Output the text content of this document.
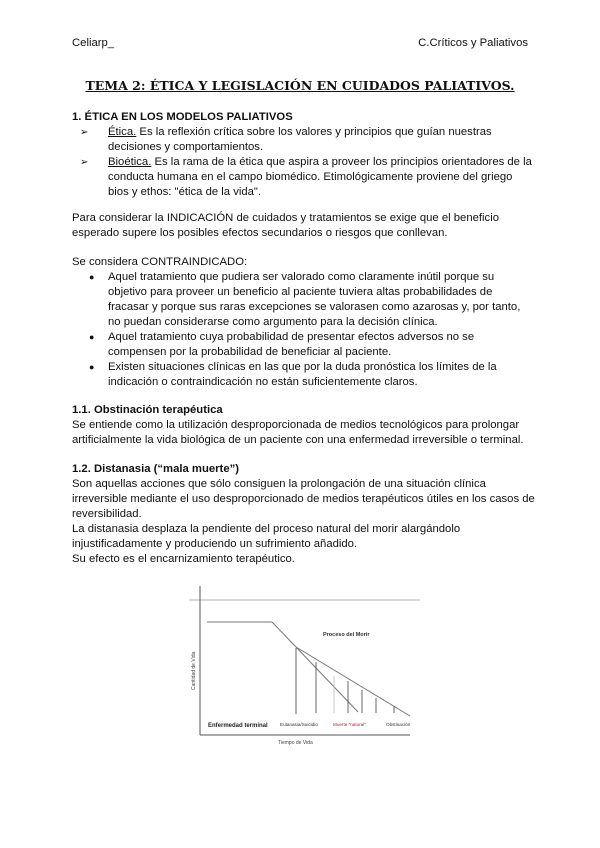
Celiarp_	C.Críticos y Paliativos
TEMA 2: ÉTICA Y LEGISLACIÓN EN CUIDADOS PALIATIVOS.
1. ÉTICA EN LOS MODELOS PALIATIVOS
Cantidad de Vida
Tiempo de Vida
Proceso del Morir
Enfermedad terminal	Eutanasia/Suicidio	Muerte "natural"	Obstinación
➢ Ética. Es la reflexión crítica sobre los valores y principios que guían nuestras
decisiones y comportamientos.
➢ Bioética. Es la rama de la ética que aspira a proveer los principios orientadores de la
conducta humana en el campo biomédico. Etimológicamente proviene del griego
bios y ethos: "ética de la vida".
Para considerar la INDICACIÓN de cuidados y tratamientos se exige que el beneficio
esperado supere los posibles efectos secundarios o riesgos que conllevan.
Se considera CONTRAINDICADO:
● Aquel tratamiento que pudiera ser valorado como claramente inútil porque su
objetivo para proveer un beneficio al paciente tuviera altas probabilidades de
fracasar y porque sus raras excepciones se valorasen como azarosas y, por tanto,
no puedan considerarse como argumento para la decisión clínica.
● Aquel tratamiento cuya probabilidad de presentar efectos adversos no se
compensen por la probabilidad de beneficiar al paciente.
● Existen situaciones clínicas en las que por la duda pronóstica los límites de la
indicación o contraindicación no están suficientemente claros.
1.1. Obstinación terapéutica
Se entiende como la utilización desproporcionada de medios tecnológicos para prolongar
artificialmente la vida biológica de un paciente con una enfermedad irreversible o terminal.
1.2. Distanasia (“mala muerte”)
Son aquellas acciones que sólo consiguen la prolongación de una situación clínica
irreversible mediante el uso desproporcionado de medios terapéuticos útiles en los casos de
reversibilidad.
La distanasia desplaza la pendiente del proceso natural del morir alargándolo
injustificadamente y produciendo un sufrimiento añadido.
Su efecto es el encarnizamiento terapéutico.
